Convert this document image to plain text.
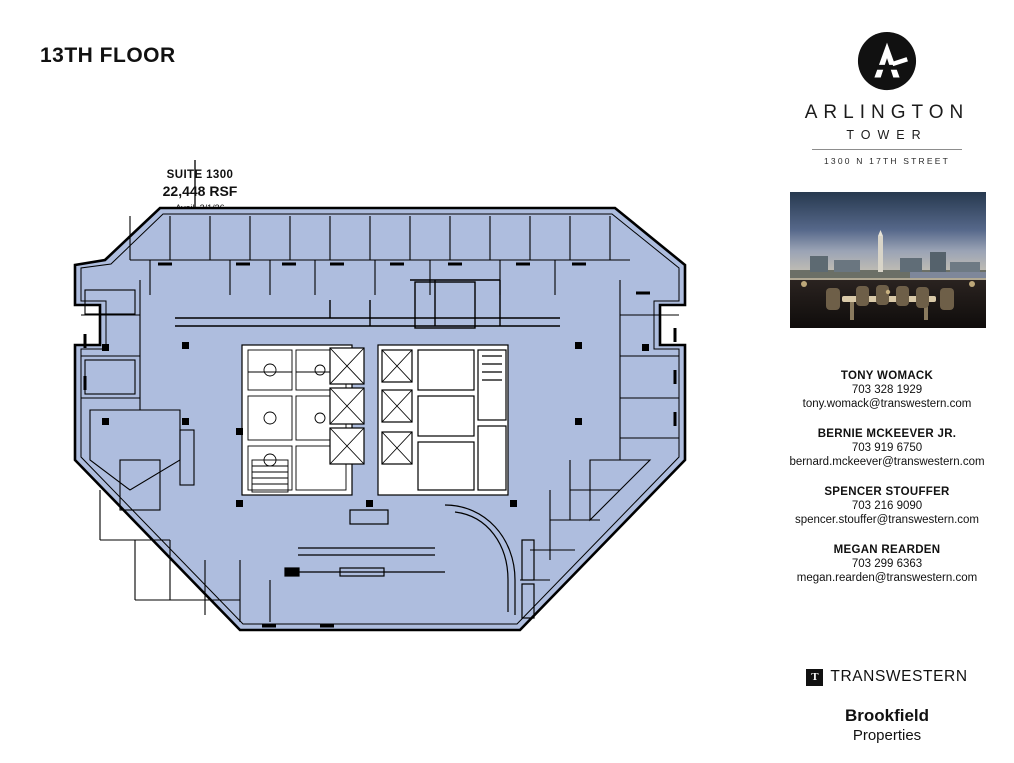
13TH FLOOR
SUITE 1300
22,448 RSF
ARLINGTON
TOWER
1300 N 17TH STREET
TONY WOMACK
703 328 1929
tony.womack@transwestern.com
BERNIE MCKEEVER JR.
703 919 6750
bernard.mckeever@transwestern.com
SPENCER STOUFFER
703 216 9090
spencer.stouffer@transwestern.com
MEGAN REARDEN
703 299 6363
megan.rearden@transwestern.com
T TRANSWESTERN
Brookfield
Properties
